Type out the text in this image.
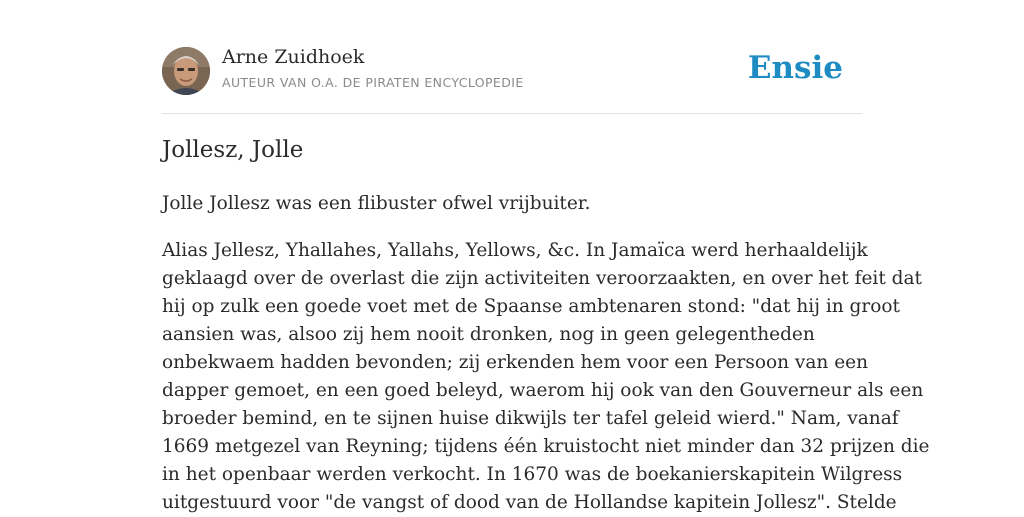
Arne Zuidhoek
AUTEUR VAN O.A. DE PIRATEN ENCYCLOPEDIE	Ensie
Jollesz, Jolle

Jolle Jollesz was een flibuster ofwel vrijbuiter.

Alias Jellesz, Yhallahes, Yallahs, Yellows, &c. In Jamaïca werd herhaaldelijk
geklaagd over de overlast die zijn activiteiten veroorzaakten, en over het feit dat
hij op zulk een goede voet met de Spaanse ambtenaren stond: "dat hij in groot
aansien was, alsoo zij hem nooit dronken, nog in geen gelegentheden
onbekwaem hadden bevonden; zij erkenden hem voor een Persoon van een
dapper gemoet, en een goed beleyd, waerom hij ook van den Gouverneur als een
broeder bemind, en te sijnen huise dikwijls ter tafel geleid wierd." Nam, vanaf
1669 metgezel van Reyning; tijdens één kruistocht niet minder dan 32 prijzen die
in het openbaar werden verkocht. In 1670 was de boekanierskapitein Wilgress
uitgestuurd voor "de vangst of dood van de Hollandse kapitein Jollesz". Stelde
